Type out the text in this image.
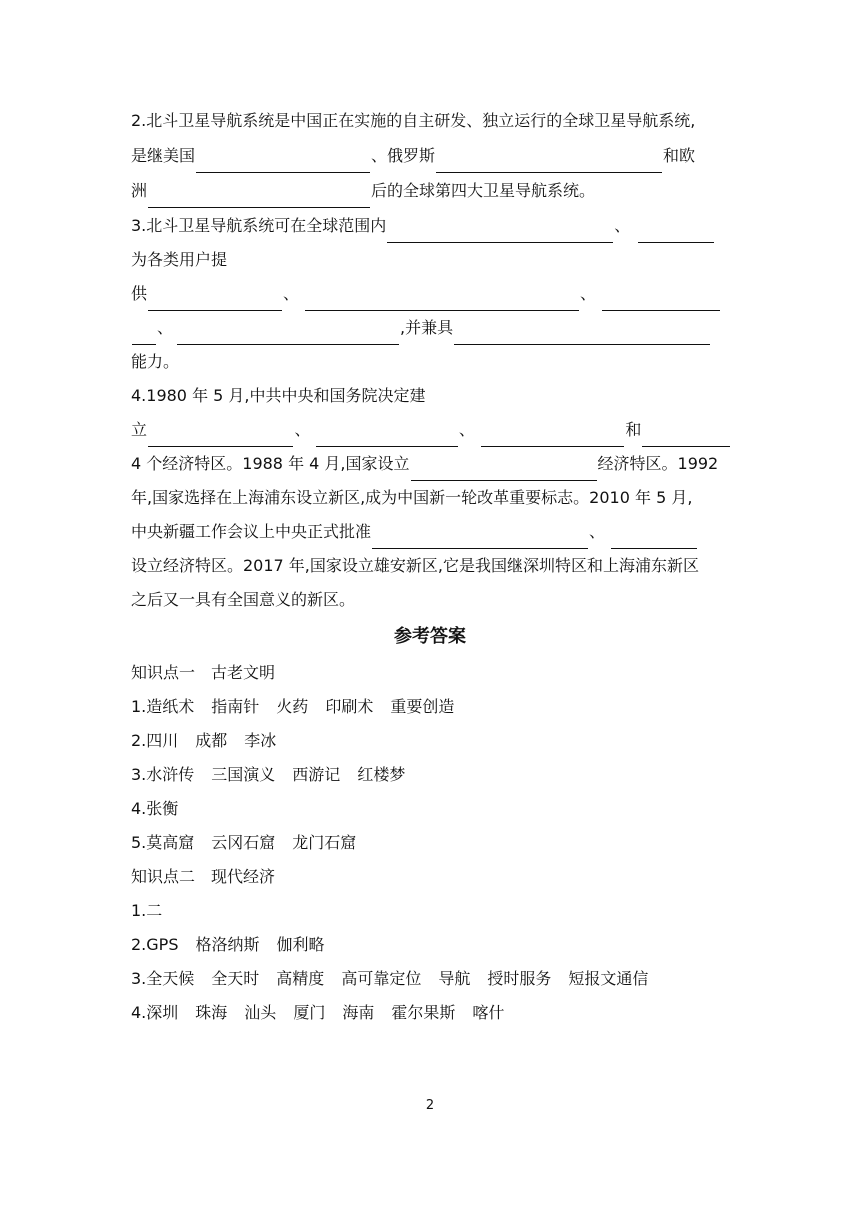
2.北斗卫星导航系统是中国正在实施的自主研发、独立运行的全球卫星导航系统,
是继美国	、俄罗斯	和欧
洲	后的全球第四大卫星导航系统。
3.北斗卫星导航系统可在全球范围内	、
为各类用户提
供	、	、
、	,并兼具
能力。
4.1980 年 5 月,中共中央和国务院决定建
立	、	、	和
4 个经济特区。1988 年 4 月,国家设立	经济特区。1992
年,国家选择在上海浦东设立新区,成为中国新一轮改革重要标志。2010 年 5 月,
中央新疆工作会议上中央正式批准	、
设立经济特区。2017 年,国家设立雄安新区,它是我国继深圳特区和上海浦东新区
之后又一具有全国意义的新区。
参考答案
知识点一　古老文明
1.造纸术 指南针 火药 印刷术 重要创造
2.四川 成都 李冰
3.水浒传 三国演义 西游记 红楼梦
4.张衡
5.莫高窟 云冈石窟 龙门石窟
知识点二　现代经济
1.二
2.GPS 格洛纳斯 伽利略
3.全天候 全天时 高精度 高可靠定位 导航 授时服务 短报文通信
4.深圳 珠海 汕头 厦门 海南 霍尔果斯 喀什
2
